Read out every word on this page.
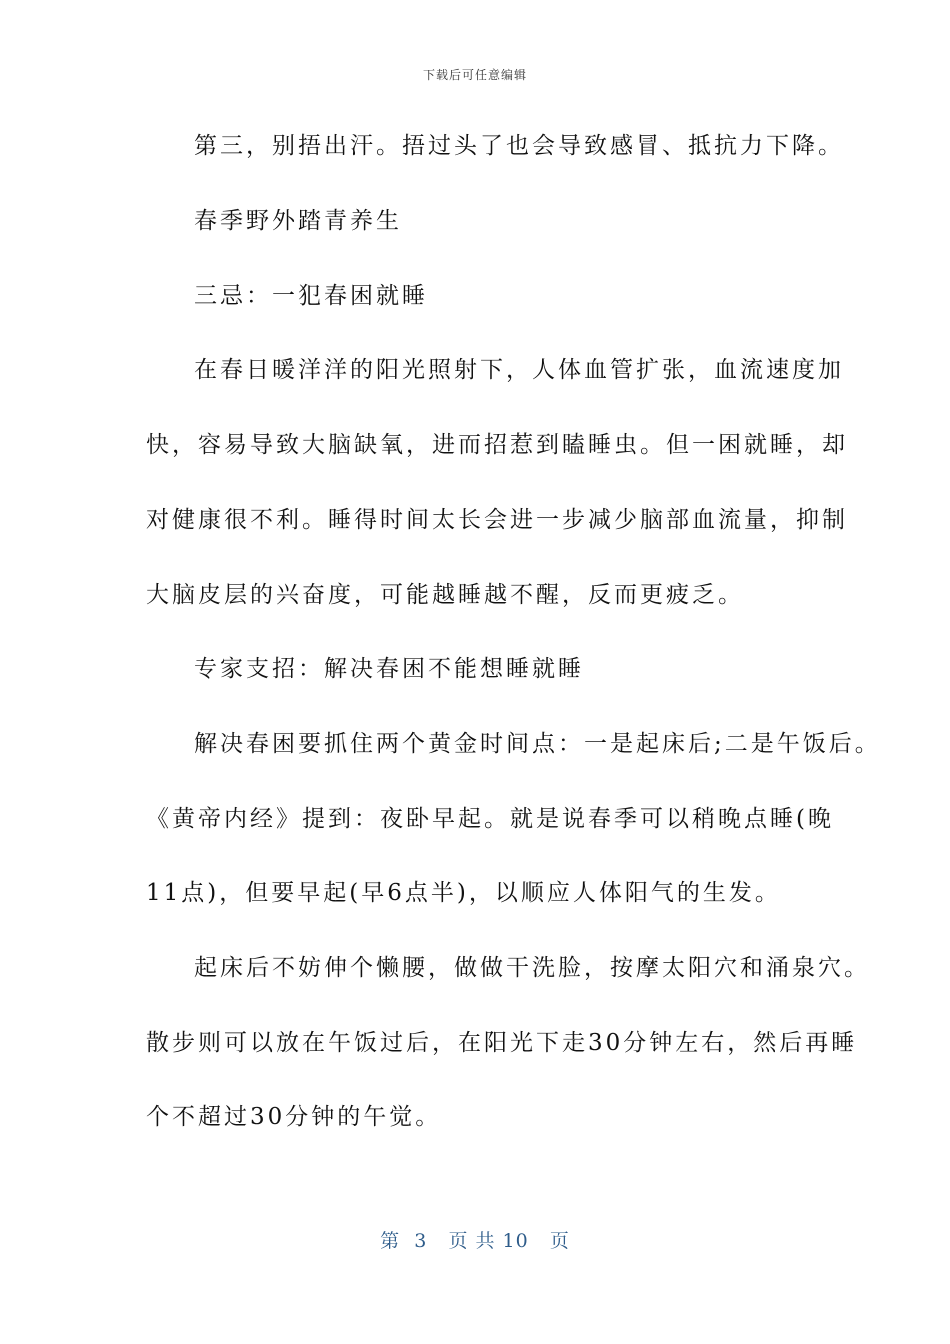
下载后可任意编辑
第三，别捂出汗。捂过头了也会导致感冒、抵抗力下降。
春季野外踏青养生
三忌：一犯春困就睡
在春日暖洋洋的阳光照射下，人体血管扩张，血流速度加
快，容易导致大脑缺氧，进而招惹到瞌睡虫。但一困就睡，却
对健康很不利。睡得时间太长会进一步减少脑部血流量，抑制
大脑皮层的兴奋度，可能越睡越不醒，反而更疲乏。
专家支招：解决春困不能想睡就睡
解决春困要抓住两个黄金时间点：一是起床后;二是午饭后。
《黄帝内经》提到：夜卧早起。就是说春季可以稍晚点睡(晚
11点)，但要早起(早6点半)，以顺应人体阳气的生发。
起床后不妨伸个懒腰，做做干洗脸，按摩太阳穴和涌泉穴。
散步则可以放在午饭过后，在阳光下走30分钟左右，然后再睡
个不超过30分钟的午觉。
第  3   页 共 10   页
